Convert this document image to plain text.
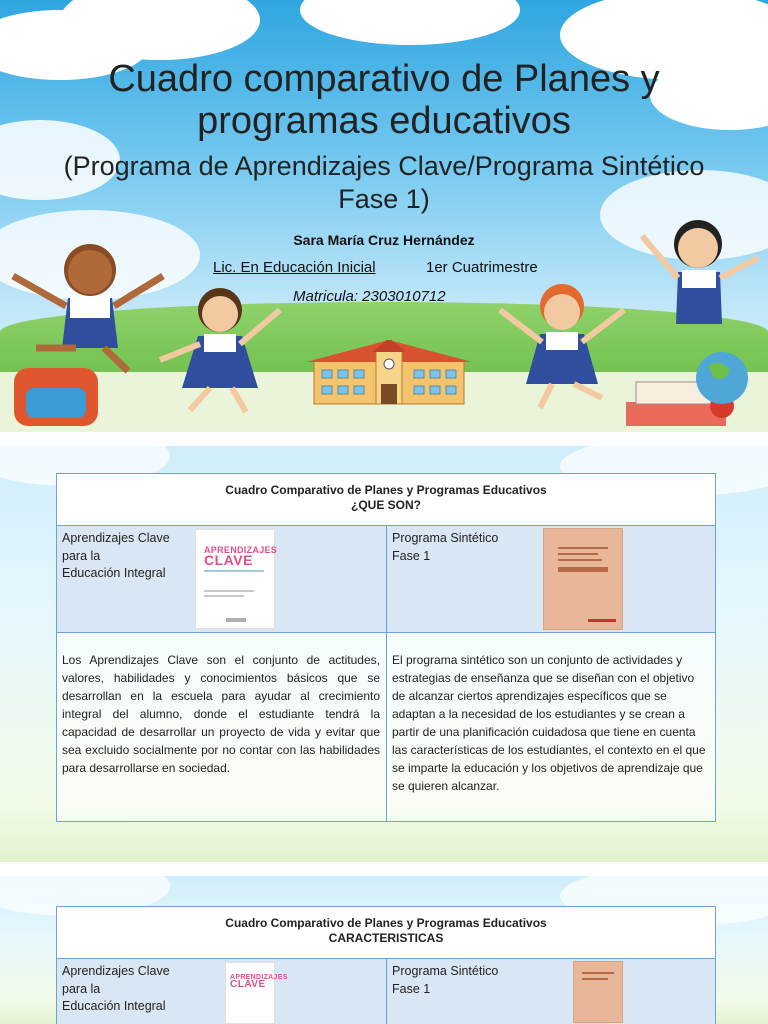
Cuadro comparativo de Planes y programas educativos
(Programa de Aprendizajes Clave/Programa Sintético Fase 1)
Sara María Cruz Hernández
Lic. En Educación Inicial	1er Cuatrimestre
Matricula: 2303010712
Cuadro Comparativo de Planes y Programas Educativos
¿QUE SON?
Aprendizajes Clave
para la
Educación Integral
APRENDIZAJES
CLAVE
Programa Sintético
Fase 1
Los Aprendizajes Clave son el conjunto de actitudes, valores, habilidades y conocimientos básicos que se desarrollan en la escuela para ayudar al crecimiento integral del alumno, donde el estudiante tendrá la capacidad de desarrollar un proyecto de vida y evitar que sea excluido socialmente por no contar con las habilidades para desarrollarse en sociedad.
El programa sintético son un conjunto de actividades y estrategias de enseñanza que se diseñan con el objetivo de alcanzar ciertos aprendizajes específicos que se adaptan a la necesidad de los estudiantes y se crean a partir de una planificación cuidadosa que tiene en cuenta las características de los estudiantes, el contexto en el que se imparte la educación y los objetivos de aprendizaje que se quieren alcanzar.
Cuadro Comparativo de Planes y Programas Educativos
CARACTERISTICAS
Aprendizajes Clave
para la
Educación Integral
APRENDIZAJES
CLAVE
Programa Sintético
Fase 1
